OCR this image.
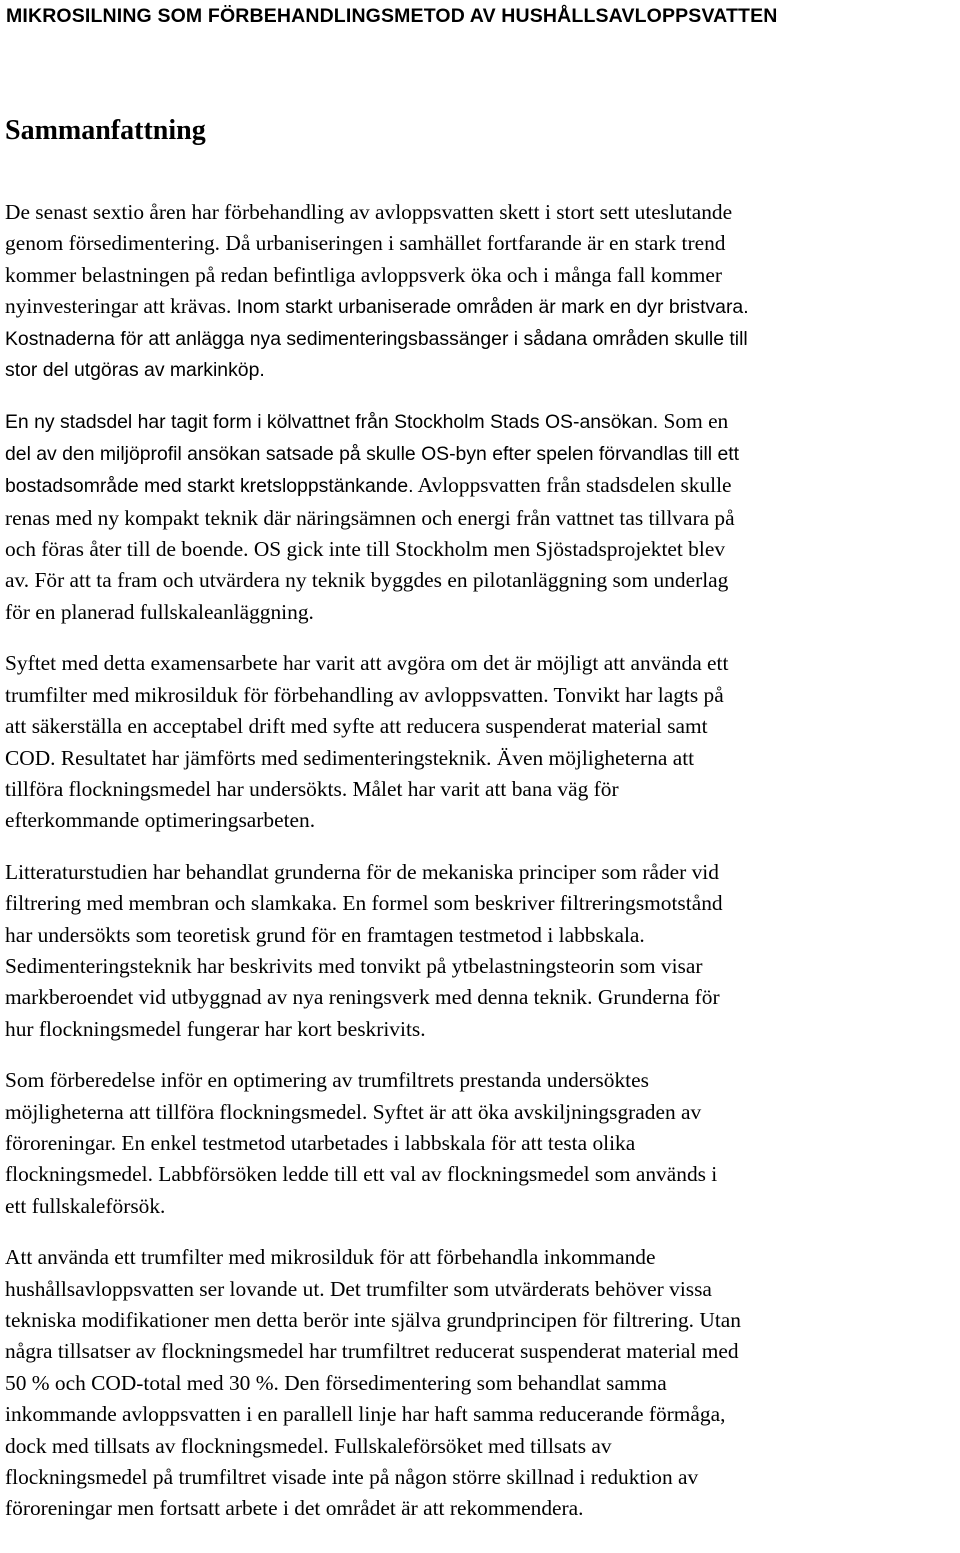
MIKROSILNING SOM FÖRBEHANDLINGSMETOD AV HUSHÅLLSAVLOPPSVATTEN

Sammanfattning

De senast sextio åren har förbehandling av avloppsvatten skett i stort sett uteslutande
genom försedimentering. Då urbaniseringen i samhället fortfarande är en stark trend
kommer belastningen på redan befintliga avloppsverk öka och i många fall kommer
nyinvesteringar att krävas. Inom starkt urbaniserade områden är mark en dyr bristvara.
Kostnaderna för att anlägga nya sedimenteringsbassänger i sådana områden skulle till
stor del utgöras av markinköp.

En ny stadsdel har tagit form i kölvattnet från Stockholm Stads OS-ansökan. Som en
del av den miljöprofil ansökan satsade på skulle OS-byn efter spelen förvandlas till ett
bostadsområde med starkt kretsloppstänkande. Avloppsvatten från stadsdelen skulle
renas med ny kompakt teknik där näringsämnen och energi från vattnet tas tillvara på
och föras åter till de boende. OS gick inte till Stockholm men Sjöstadsprojektet blev
av. För att ta fram och utvärdera ny teknik byggdes en pilotanläggning som underlag
för en planerad fullskaleanläggning.

Syftet med detta examensarbete har varit att avgöra om det är möjligt att använda ett
trumfilter med mikrosilduk för förbehandling av avloppsvatten. Tonvikt har lagts på
att säkerställa en acceptabel drift med syfte att reducera suspenderat material samt
COD. Resultatet har jämförts med sedimenteringsteknik. Även möjligheterna att
tillföra flockningsmedel har undersökts. Målet har varit att bana väg för
efterkommande optimeringsarbeten.

Litteraturstudien har behandlat grunderna för de mekaniska principer som råder vid
filtrering med membran och slamkaka. En formel som beskriver filtreringsmotstånd
har undersökts som teoretisk grund för en framtagen testmetod i labbskala.
Sedimenteringsteknik har beskrivits med tonvikt på ytbelastningsteorin som visar
markberoendet vid utbyggnad av nya reningsverk med denna teknik. Grunderna för
hur flockningsmedel fungerar har kort beskrivits.

Som förberedelse inför en optimering av trumfiltrets prestanda undersöktes
möjligheterna att tillföra flockningsmedel. Syftet är att öka avskiljningsgraden av
föroreningar. En enkel testmetod utarbetades i labbskala för att testa olika
flockningsmedel. Labbförsöken ledde till ett val av flockningsmedel som används i
ett fullskaleförsök.

Att använda ett trumfilter med mikrosilduk för att förbehandla inkommande
hushållsavloppsvatten ser lovande ut. Det trumfilter som utvärderats behöver vissa
tekniska modifikationer men detta berör inte själva grundprincipen för filtrering. Utan
några tillsatser av flockningsmedel har trumfiltret reducerat suspenderat material med
50 % och COD-total med 30 %. Den försedimentering som behandlat samma
inkommande avloppsvatten i en parallell linje har haft samma reducerande förmåga,
dock med tillsats av flockningsmedel. Fullskaleförsöket med tillsats av
flockningsmedel på trumfiltret visade inte på någon större skillnad i reduktion av
föroreningar men fortsatt arbete i det området är att rekommendera.
